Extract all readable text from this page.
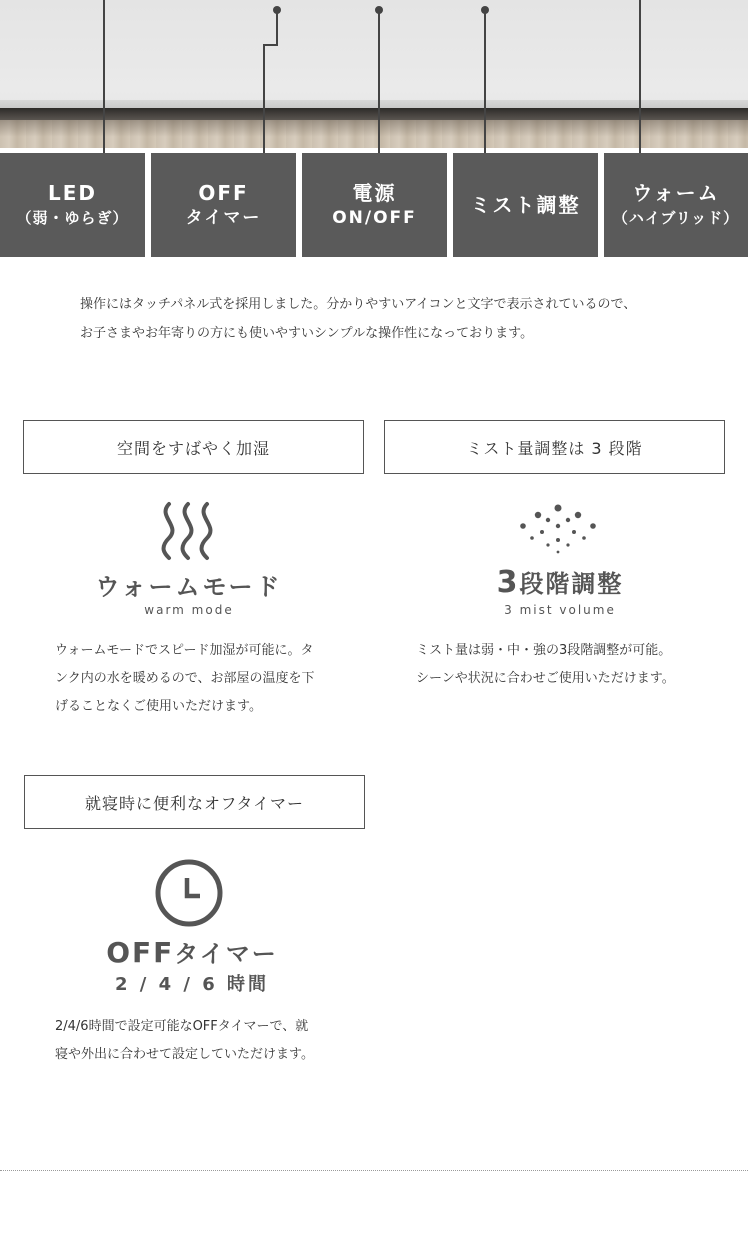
LED
（弱・ゆらぎ）
OFF
タイマー
電源
ON/OFF
ミスト調整	ウォーム
（ハイブリッド）

操作にはタッチパネル式を採用しました。分かりやすいアイコンと文字で表示されているので、

お子さまやお年寄りの方にも使いやすいシンプルな操作性になっております。

空間をすばやく加湿
ウォームモード
warm mode

ウォームモードでスピード加湿が可能に。タ

ンク内の水を暖めるので、お部屋の温度を下

げることなくご使用いただけます。

ミスト量調整は 3 段階
3段階調整
3 mist volume

ミスト量は弱・中・強の3段階調整が可能。

シーンや状況に合わせご使用いただけます。

就寝時に便利なオフタイマー
OFFタイマー
2 / 4 / 6 時間

2/4/6時間で設定可能なOFFタイマーで、就

寝や外出に合わせて設定していただけます。
